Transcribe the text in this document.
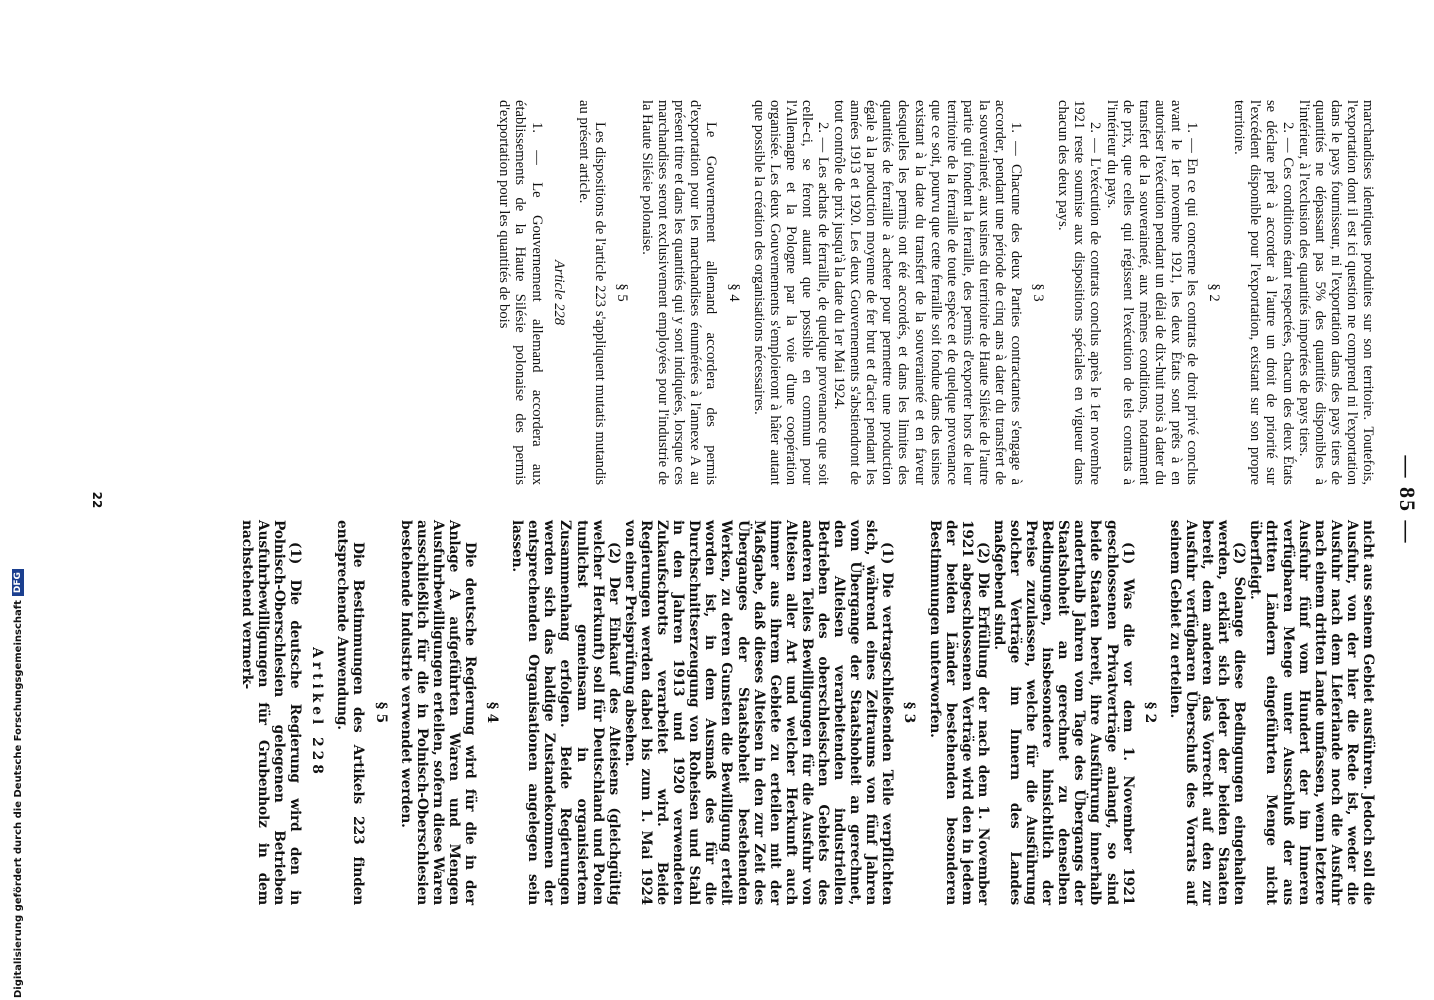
— 85 —

marchandises identiques produites sur son territoire. Toutefois, l'exportation dont il est ici question ne comprend ni l'exportation dans le pays fournisseur, ni l'exportation dans des pays tiers de quantités ne dépassant pas 5% des quantités disponibles à l'intérieur, à l'exclusion des quantités importées de pays tiers.

2. — Ces conditions étant respectées, chacun des deux États se déclare prêt à accorder à l'autre un droit de priorité sur l'excédent disponible pour l'exportation, existant sur son propre territoire.

§ 2

1. — En ce qui concerne les contrats de droit privé conclus avant le 1er novembre 1921, les deux États sont prêts à en autoriser l'exécution pendant un délai de dix-huit mois à dater du transfert de la souveraineté, aux mêmes conditions, notamment de prix, que celles qui régissent l'exécution de tels contrats à l'intérieur du pays.

2. — L'exécution de contrats conclus après le 1er novembre 1921 reste soumise aux dispositions spéciales en vigueur dans chacun des deux pays.

§ 3

1. — Chacune des deux Parties contractantes s'engage à accorder, pendant une période de cinq ans à dater du transfert de la souveraineté, aux usines du territoire de Haute Silésie de l'autre partie qui fondent la ferraille, des permis d'exporter hors de leur territoire de la ferraille de toute espèce et de quelque provenance que ce soit, pourvu que cette ferraille soit fondue dans des usines existant à la date du transfert de la souveraineté et en faveur desquelles les permis ont été accordés, et dans les limites des quantités de ferraille à acheter pour permettre une production égale à la production moyenne de fer brut et d'acier pendant les années 1913 et 1920. Les deux Gouvernements s'abstiendront de tout contrôle de prix jusqu'à la date du 1er Mai 1924.

2. — Les achats de ferraille, de quelque provenance que soit celle-ci, se feront autant que possible en commun pour l'Allemagne et la Pologne par la voie d'une coopération organisée. Les deux Gouvernements s'emploieront à hâter autant que possible la création des organisations nécessaires.

§ 4

Le Gouvernement allemand accordera des permis d'exportation pour les marchandises énumérées à l'annexe A au présent titre et dans les quantités qui y sont indiquées, lorsque ces marchandises seront exclusivement employées pour l'industrie de la Haute Silésie polonaise.

§ 5

Les dispositions de l'article 223 s'appliquent mutatis mutandis au présent article.

Article 228

1. — Le Gouvernement allemand accordera aux établissements de la Haute Silésie polonaise des permis d'exportation pour les quantités de bois

nicht aus seinem Gebiet ausführen. Jedoch soll die Ausfuhr, von der hier die Rede ist, weder die Ausfuhr nach dem Lieferlande noch die Ausfuhr nach einem dritten Lande umfassen, wenn letztere Ausfuhr fünf vom Hundert der im Inneren verfügbaren Menge unter Ausschluß der aus dritten Ländern eingeführten Menge nicht überfleigt.

(2) Solange diese Bedingungen eingehalten werden, erklärt sich jeder der beiden Staaten bereit, dem anderen das Vorrecht auf den zur Ausfuhr verfügbaren Überschuß des Vorrats auf seinem Gebiet zu erteilen.

§ 2

(1) Was die vor dem 1. November 1921 geschlossenen Privatverträge anlangt, so sind beide Staaten bereit, ihre Ausführung innerhalb anderthalb Jahren vom Tage des Übergangs der Staatshoheit an gerechnet zu denselben Bedingungen, insbesondere hinsichtlich der Preise zuzulassen, welche für die Ausführung solcher Verträge im Innern des Landes maßgebend sind.

(2) Die Erfüllung der nach dem 1. November 1921 abgeschlossenen Verträge wird den in jedem der beiden Länder bestehenden besonderen Bestimmungen unterworfen.

§ 3

(1) Die vertragschließenden Teile verpflichten sich, während eines Zeitraums von fünf Jahren vom Übergange der Staatshoheit an gerechnet, den Alteisen verarbeitenden industriellen Betrieben des oberschlesischen Gebiets des anderen Teiles Bewilligungen für die Ausfuhr von Alteisen aller Art und welcher Herkunft auch immer aus ihrem Gebiete zu erteilen mit der Maßgabe, daß dieses Alteisen in den zur Zeit des Überganges der Staatshoheit bestehenden Werken, zu deren Gunsten die Bewilligung erteilt worden ist, in dem Ausmaß des für die Durchschnittserzeugung von Roheisen und Stahl in den Jahren 1913 und 1920 verwendeten Zukaufschrotts verarbeitet wird. Beide Regierungen werden dabei bis zum 1. Mai 1924 von einer Preisprüfung absehen.

(2) Der Einkauf des Alteisens (gleichgültig welcher Herkunft) soll für Deutschland und Polen tunlichst gemeinsam in organisiertem Zusammenhang erfolgen. Beide Regierungen werden sich das baldige Zustandekommen der entsprechenden Organisationen angelegen sein lassen.

§ 4

Die deutsche Regierung wird für die in der Anlage A aufgeführten Waren und Mengen Ausfuhrbewilligungen erteilen, sofern diese Waren ausschließlich für die in Polnisch-Oberschlesien bestehende Industrie verwendet werden.

§ 5

Die Bestimmungen des Artikels 223 finden entsprechende Anwendung.

Artikel 228

(1) Die deutsche Regierung wird den in Polnisch-Oberschlesien gelegenen Betrieben Ausfuhrbewilligungen für Grubenholz in dem nachstehend vermerk-

22
Digitalisierung gefördert durch die Deutsche Forschungsgemeinschaft
DFG
